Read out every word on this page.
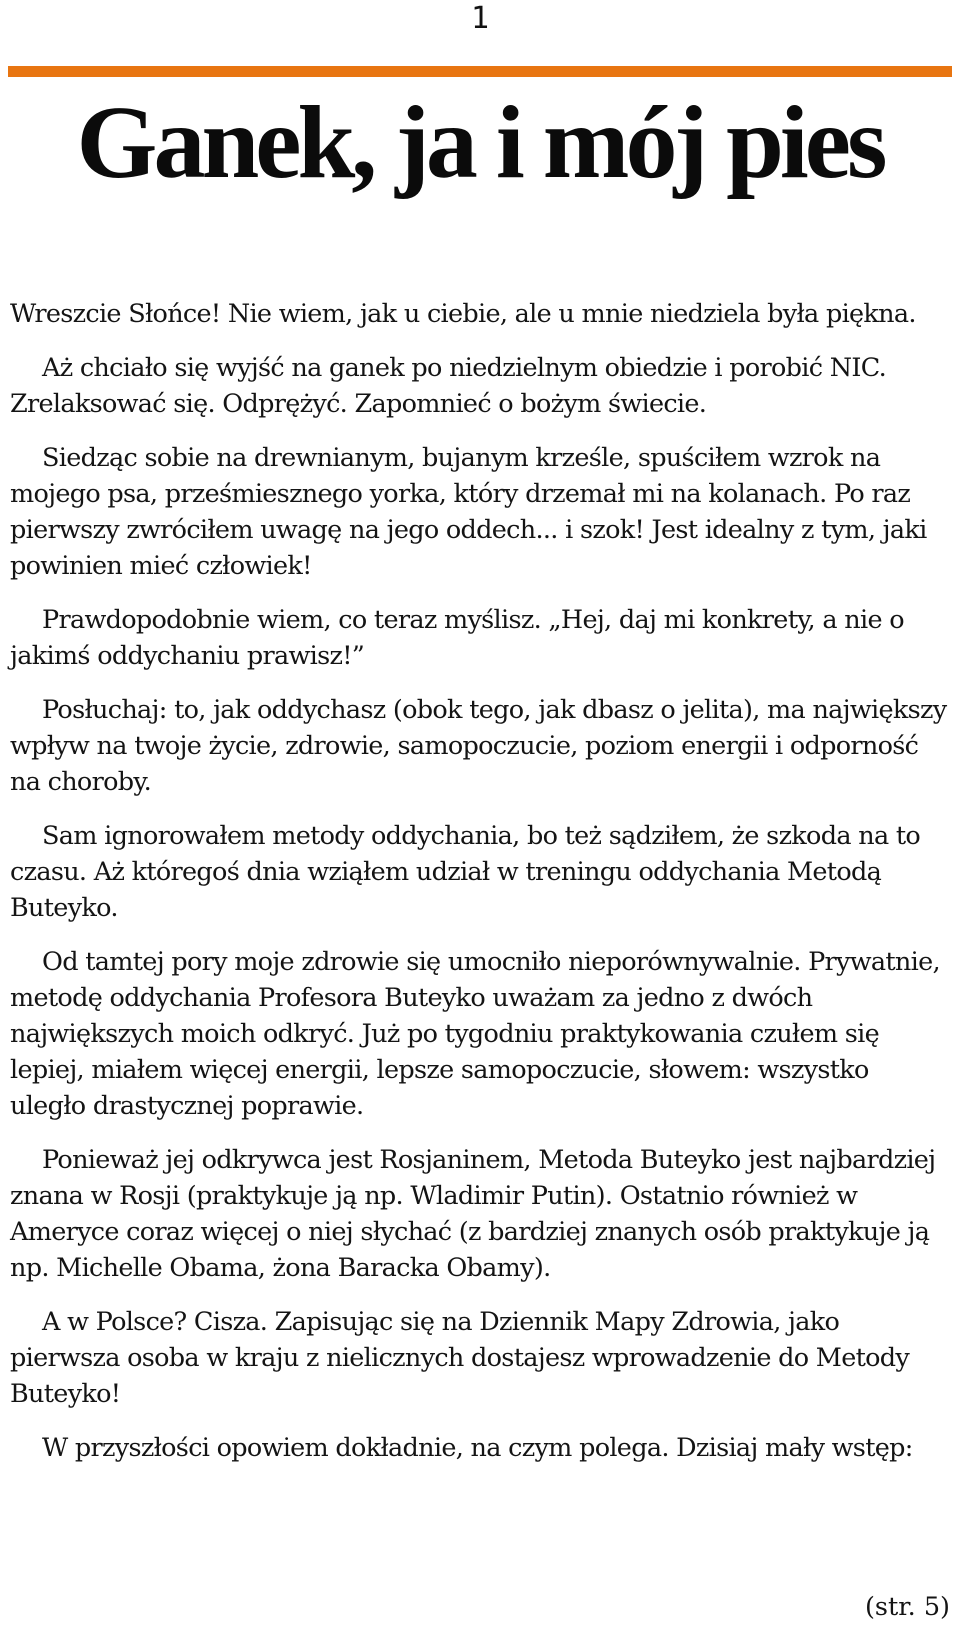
1
Ganek, ja i mój pies

Wreszcie Słońce! Nie wiem, jak u ciebie, ale u mnie niedziela była piękna.

Aż chciało się wyjść na ganek po niedzielnym obiedzie i porobić NIC. Zrelaksować się. Odprężyć. Zapomnieć o bożym świecie.

Siedząc sobie na drewnianym, bujanym krześle, spuściłem wzrok na mojego psa, prześmiesznego yorka, który drzemał mi na kolanach. Po raz pierwszy zwróciłem uwagę na jego oddech... i szok! Jest idealny z tym, jaki powinien mieć człowiek!

Prawdopodobnie wiem, co teraz myślisz. „Hej, daj mi konkrety, a nie o jakimś oddychaniu prawisz!”

Posłuchaj: to, jak oddychasz (obok tego, jak dbasz o jelita), ma największy wpływ na twoje życie, zdrowie, samopoczucie, poziom energii i odporność na choroby.

Sam ignorowałem metody oddychania, bo też sądziłem, że szkoda na to czasu. Aż któregoś dnia wziąłem udział w treningu oddychania Metodą Buteyko.

Od tamtej pory moje zdrowie się umocniło nieporównywalnie. Prywatnie, metodę oddychania Profesora Buteyko uważam za jedno z dwóch największych moich odkryć. Już po tygodniu praktykowania czułem się lepiej, miałem więcej energii, lepsze samopoczucie, słowem: wszystko uległo drastycznej poprawie.

Ponieważ jej odkrywca jest Rosjaninem, Metoda Buteyko jest najbardziej znana w Rosji (praktykuje ją np. Wladimir Putin). Ostatnio również w Ameryce coraz więcej o niej słychać (z bardziej znanych osób praktykuje ją np. Michelle Obama, żona Baracka Obamy).

A w Polsce? Cisza. Zapisując się na Dziennik Mapy Zdrowia, jako pierwsza osoba w kraju z nielicznych dostajesz wprowadzenie do Metody Buteyko!

W przyszłości opowiem dokładnie, na czym polega. Dzisiaj mały wstęp:

(str. 5)
